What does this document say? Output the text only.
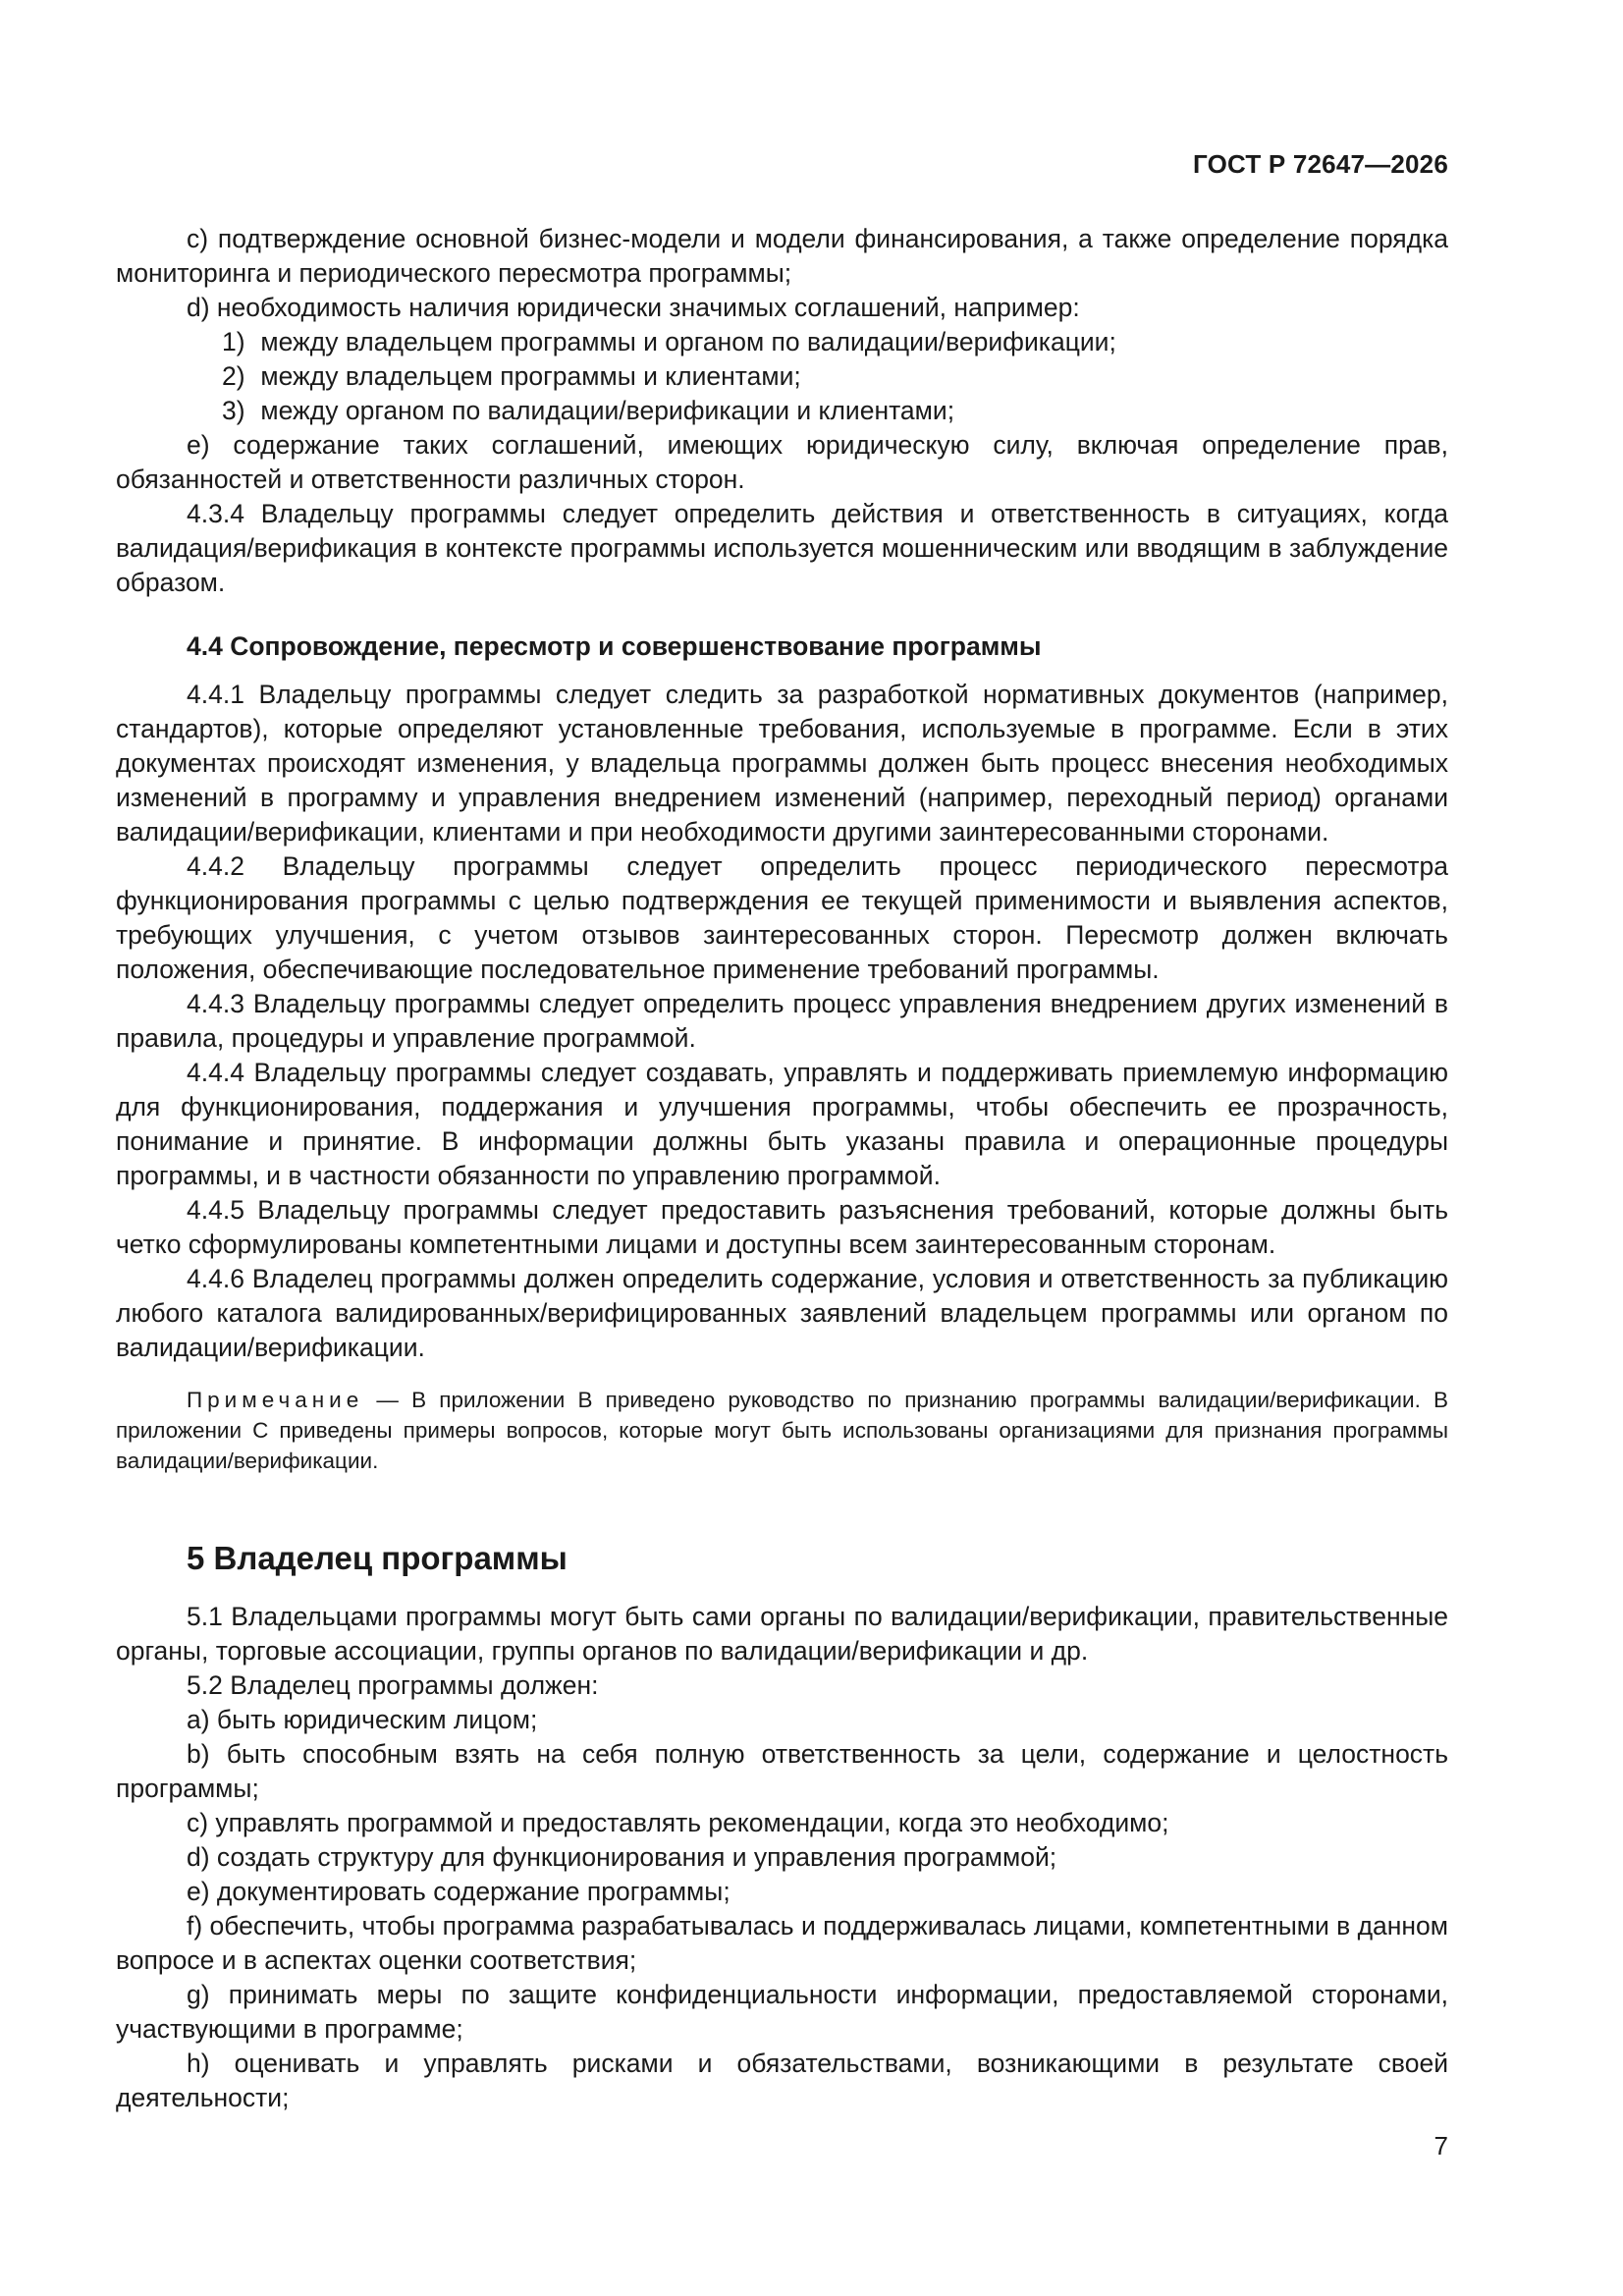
ГОСТ Р 72647—2026

c) подтверждение основной бизнес-модели и модели финансирования, а также определение порядка мониторинга и периодического пересмотра программы;

d) необходимость наличия юридически значимых соглашений, например:

1) между владельцем программы и органом по валидации/верификации;

2) между владельцем программы и клиентами;

3) между органом по валидации/верификации и клиентами;

e) содержание таких соглашений, имеющих юридическую силу, включая определение прав, обязанностей и ответственности различных сторон.

4.3.4 Владельцу программы следует определить действия и ответственность в ситуациях, когда валидация/верификация в контексте программы используется мошенническим или вводящим в заблуждение образом.

4.4 Сопровождение, пересмотр и совершенствование программы

4.4.1 Владельцу программы следует следить за разработкой нормативных документов (например, стандартов), которые определяют установленные требования, используемые в программе. Если в этих документах происходят изменения, у владельца программы должен быть процесс внесения необходимых изменений в программу и управления внедрением изменений (например, переходный период) органами валидации/верификации, клиентами и при необходимости другими заинтересованными сторонами.

4.4.2 Владельцу программы следует определить процесс периодического пересмотра функционирования программы с целью подтверждения ее текущей применимости и выявления аспектов, требующих улучшения, с учетом отзывов заинтересованных сторон. Пересмотр должен включать положения, обеспечивающие последовательное применение требований программы.

4.4.3 Владельцу программы следует определить процесс управления внедрением других изменений в правила, процедуры и управление программой.

4.4.4 Владельцу программы следует создавать, управлять и поддерживать приемлемую информацию для функционирования, поддержания и улучшения программы, чтобы обеспечить ее прозрачность, понимание и принятие. В информации должны быть указаны правила и операционные процедуры программы, и в частности обязанности по управлению программой.

4.4.5 Владельцу программы следует предоставить разъяснения требований, которые должны быть четко сформулированы компетентными лицами и доступны всем заинтересованным сторонам.

4.4.6 Владелец программы должен определить содержание, условия и ответственность за публикацию любого каталога валидированных/верифицированных заявлений владельцем программы или органом по валидации/верификации.

Примечание — В приложении В приведено руководство по признанию программы валидации/верификации. В приложении С приведены примеры вопросов, которые могут быть использованы организациями для признания программы валидации/верификации.

5 Владелец программы

5.1 Владельцами программы могут быть сами органы по валидации/верификации, правительственные органы, торговые ассоциации, группы органов по валидации/верификации и др.

5.2 Владелец программы должен:

a) быть юридическим лицом;

b) быть способным взять на себя полную ответственность за цели, содержание и целостность программы;

c) управлять программой и предоставлять рекомендации, когда это необходимо;

d) создать структуру для функционирования и управления программой;

e) документировать содержание программы;

f) обеспечить, чтобы программа разрабатывалась и поддерживалась лицами, компетентными в данном вопросе и в аспектах оценки соответствия;

g) принимать меры по защите конфиденциальности информации, предоставляемой сторонами, участвующими в программе;

h) оценивать и управлять рисками и обязательствами, возникающими в результате своей деятельности;

7
